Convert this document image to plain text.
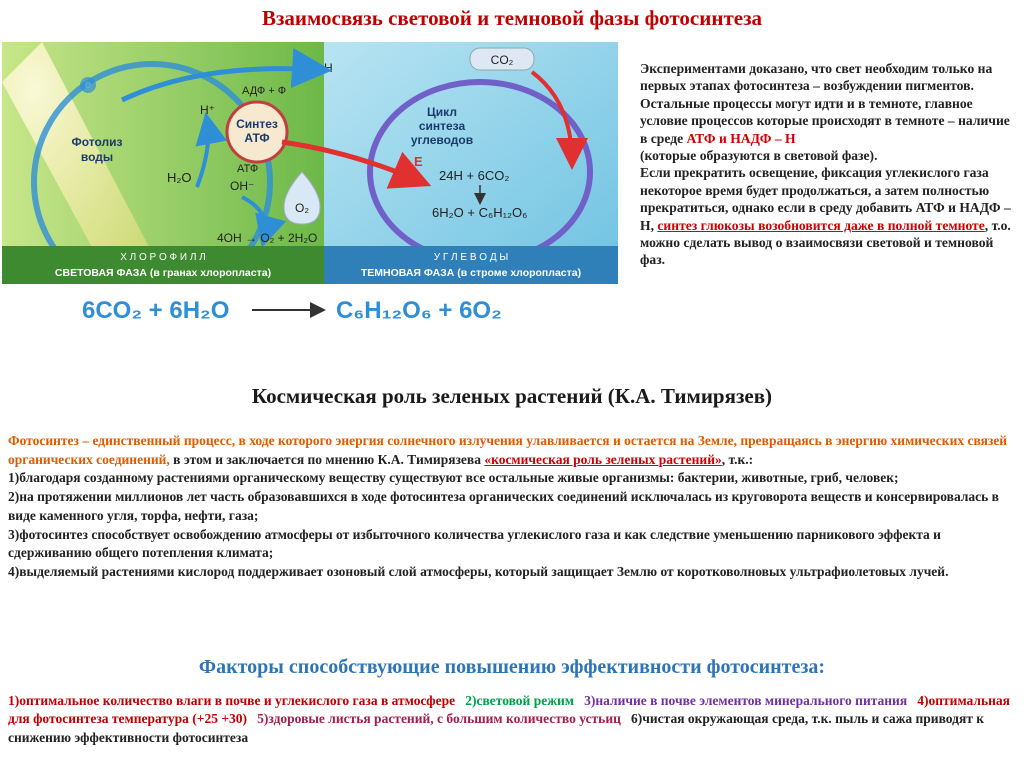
Взаимосвязь световой и темновой фазы фотосинтеза
Фотолиз
воды
H₂O
H⁺
OH⁻
АДФ + Ф
Синтез
АТФ
АТФ
H
O₂
4OH → O₂ + 2H₂O
Х Л О Р О Ф И Л Л
СВЕТОВАЯ ФАЗА (в гранах хлоропласта)
CO₂
Цикл
синтеза
углеводов
E
24H + 6CO₂
6H₂O + C₆H₁₂O₆
У Г Л Е В О Д Ы
ТЕМНОВАЯ ФАЗА (в строме хлоропласта)
6CO₂ + 6H₂O	C₆H₁₂O₆ + 6O₂
Экспериментами доказано, что свет необходим только на первых этапах фотосинтеза – возбуждении пигментов. Остальные процессы могут идти и в темноте, главное условие процессов которые происходят в темноте – наличие в среде АТФ и НАДФ – Н
(которые образуются в световой фазе).
Если прекратить освещение, фиксация углекислого газа некоторое время будет продолжаться, а затем полностью прекратиться, однако если в среду добавить АТФ и НАДФ – Н, синтез глюкозы возобновится даже в полной темноте, т.о. можно сделать вывод о взаимосвязи световой и темновой фаз.
Космическая роль зеленых растений (К.А. Тимирязев)
Фотосинтез – единственный процесс, в ходе которого энергия солнечного излучения улавливается и остается на Земле, превращаясь в энергию химических связей органических соединений, в этом и заключается по мнению К.А. Тимирязева «космическая роль зеленых растений», т.к.:
1)благодаря созданному растениями органическому веществу существуют все остальные живые организмы: бактерии, животные, гриб, человек;
2)на протяжении миллионов лет часть образовавшихся в ходе фотосинтеза органических соединений исключалась из круговорота веществ и консервировалась в виде каменного угля, торфа, нефти, газа;
3)фотосинтез способствует освобождению атмосферы от избыточного количества углекислого газа и как следствие уменьшению парникового эффекта и сдерживанию общего потепления климата;
4)выделяемый растениями кислород поддерживает озоновый слой атмосферы, который защищает Землю от коротковолновых ультрафиолетовых лучей.
Факторы способствующие повышению эффективности фотосинтеза:
1)оптимальное количество влаги в почве и углекислого газа в атмосфере 2)световой режим 3)наличие в почве элементов минерального питания 4)оптимальная для фотосинтеза температура (+25 +30) 5)здоровые листья растений, с большим количество устьиц 6)чистая окружающая среда, т.к. пыль и сажа приводят к снижению эффективности фотосинтеза
